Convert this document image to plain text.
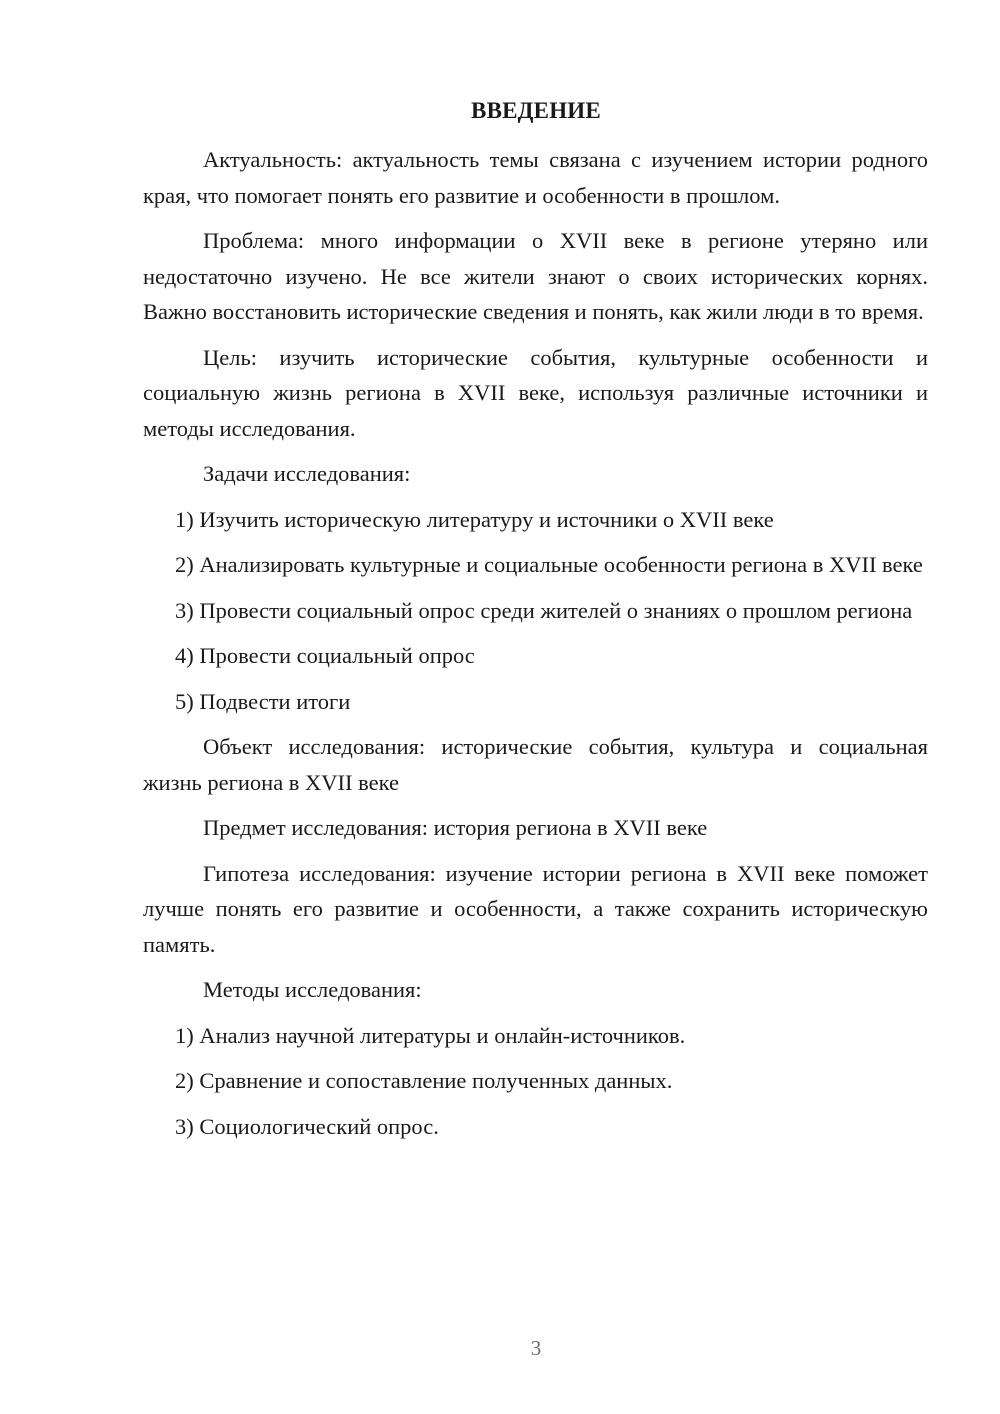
ВВЕДЕНИЕ

Актуальность: актуальность темы связана с изучением истории родного края, что помогает понять его развитие и особенности в прошлом.

Проблема: много информации о XVII веке в регионе утеряно или недостаточно изучено. Не все жители знают о своих исторических корнях. Важно восстановить исторические сведения и понять, как жили люди в то время.

Цель: изучить исторические события, культурные особенности и социальную жизнь региона в XVII веке, используя различные источники и методы исследования.

Задачи исследования:

1) Изучить историческую литературу и источники о XVII веке

2) Анализировать культурные и социальные особенности региона в XVII веке

3) Провести социальный опрос среди жителей о знаниях о прошлом региона

4) Провести социальный опрос

5) Подвести итоги

Объект исследования: исторические события, культура и социальная жизнь региона в XVII веке

Предмет исследования: история региона в XVII веке

Гипотеза исследования: изучение истории региона в XVII веке поможет лучше понять его развитие и особенности, а также сохранить историческую память.

Методы исследования:

1) Анализ научной литературы и онлайн-источников.

2) Сравнение и сопоставление полученных данных.

3) Социологический опрос.

3
